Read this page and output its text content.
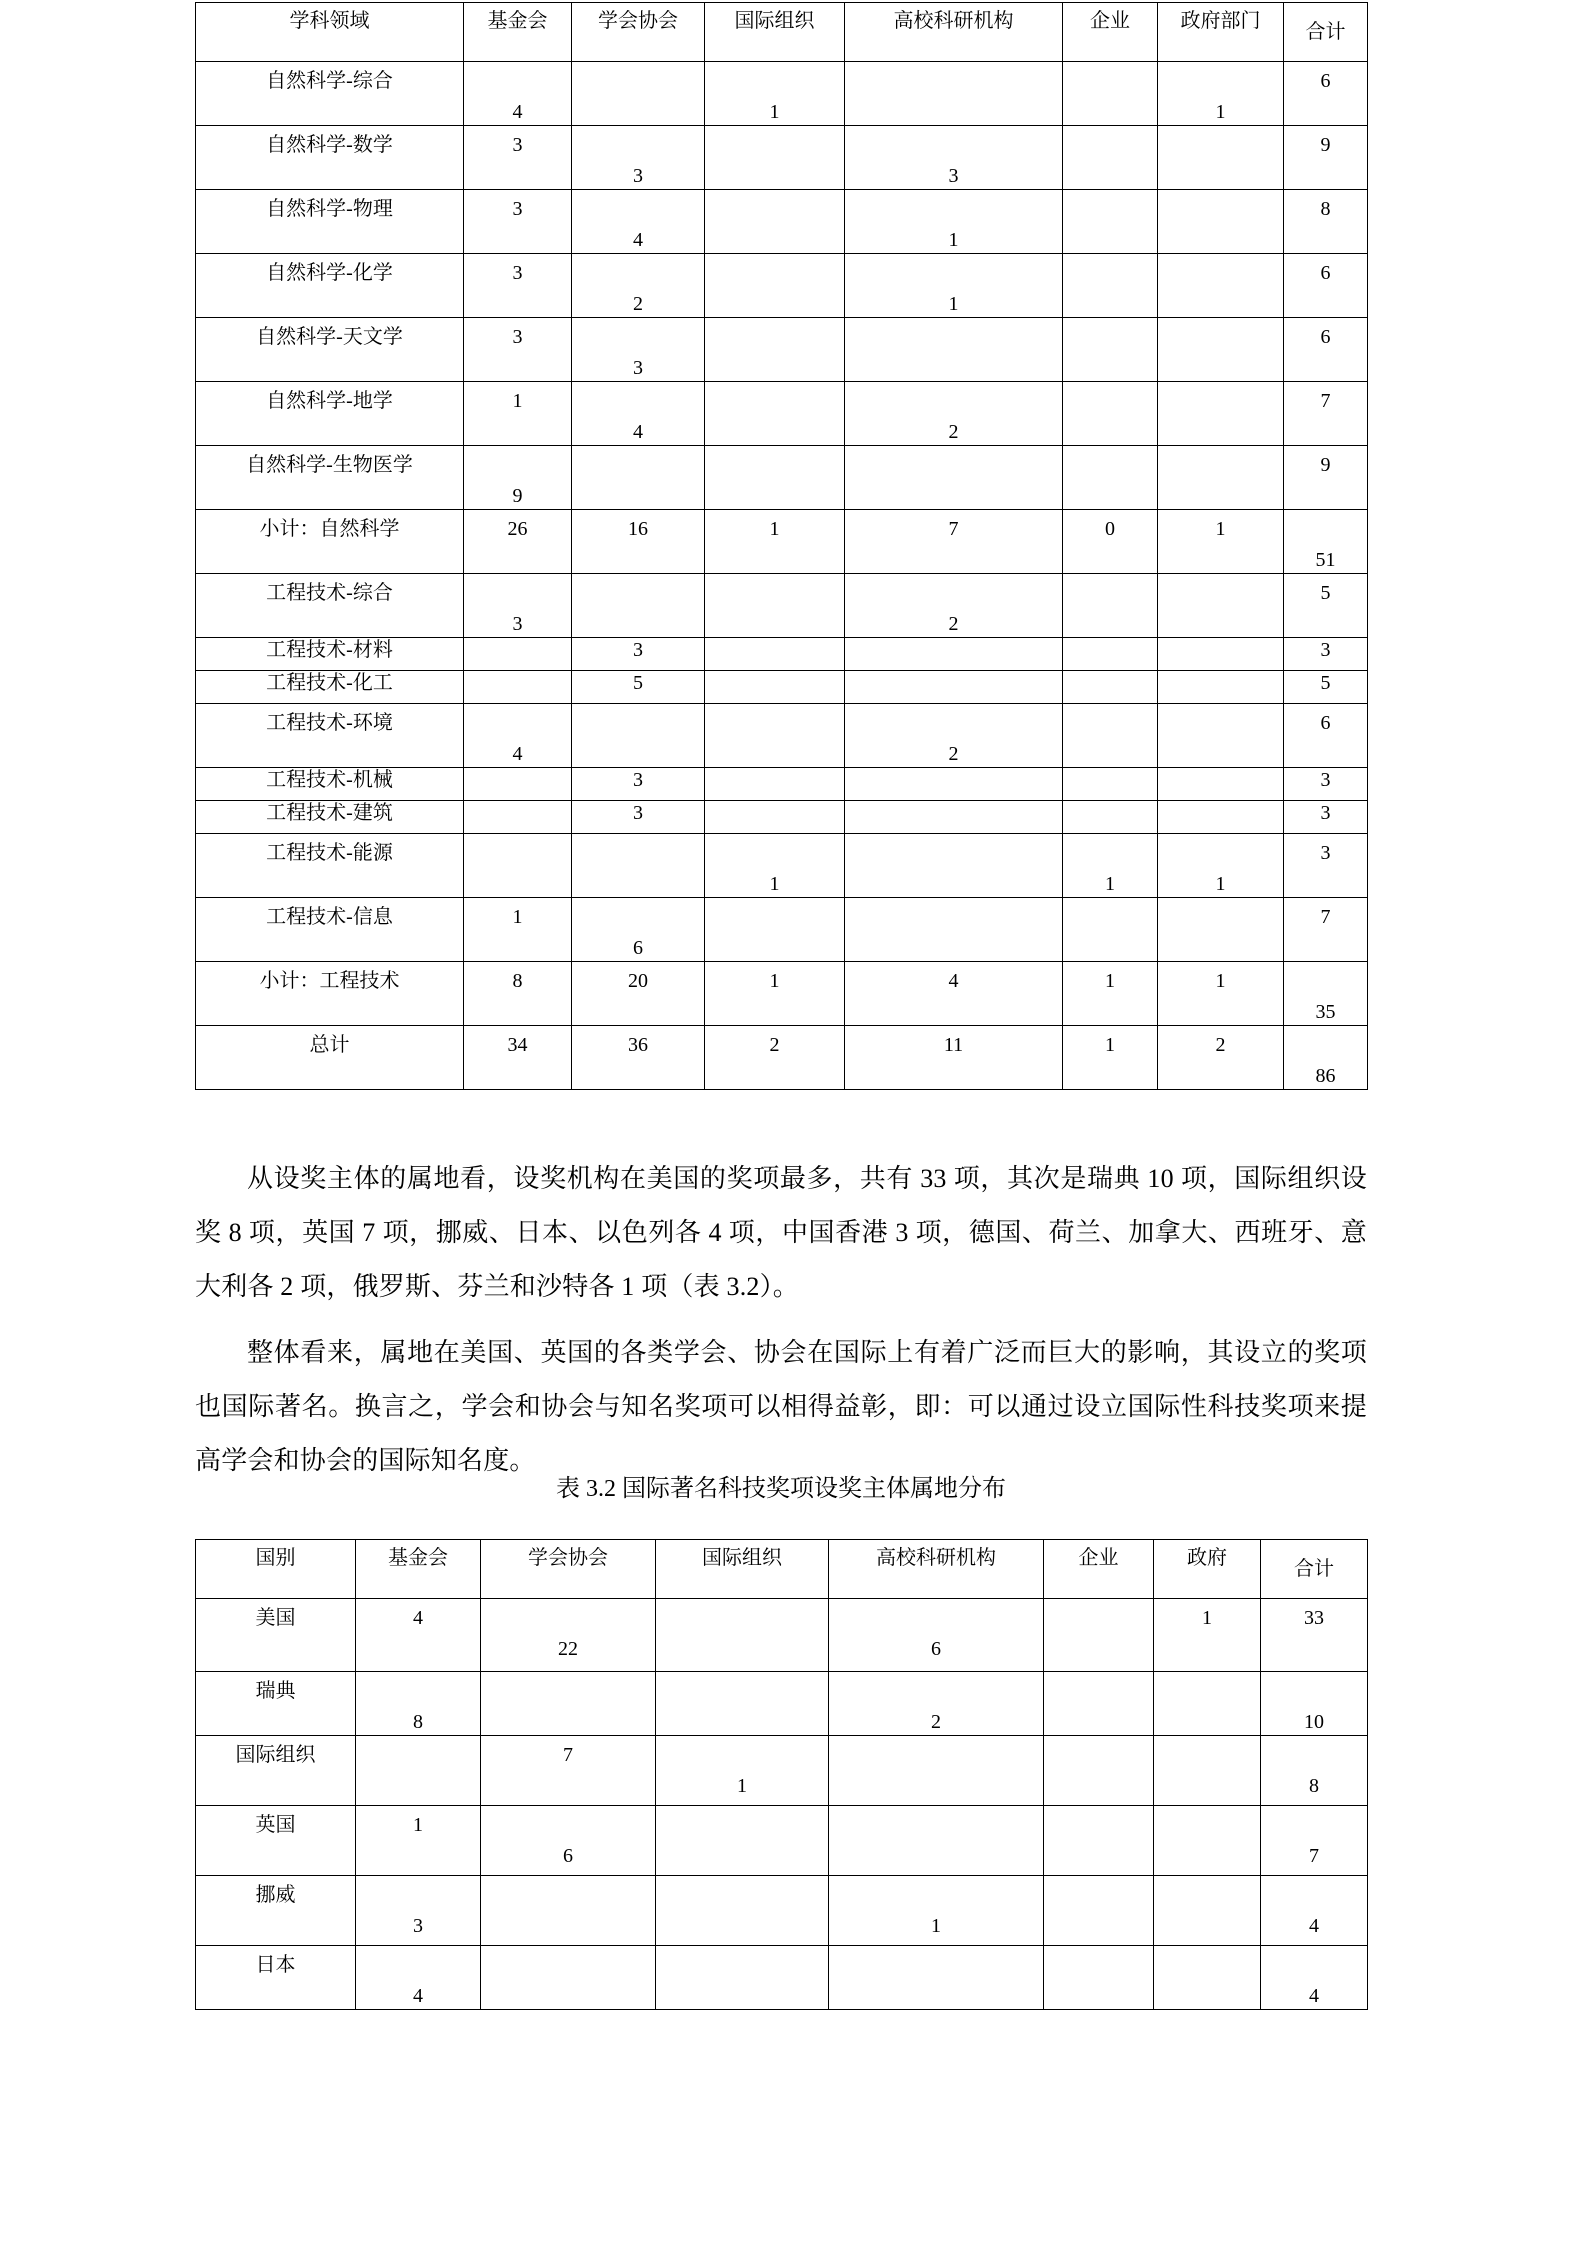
学科领域	基金会	学会协会	国际组织	高校科研机构	企业	政府部门	合计
自然科学-综合	4		1			1	6
自然科学-数学	3	3		3			9
自然科学-物理	3	4		1			8
自然科学-化学	3	2		1			6
自然科学-天文学	3	3					6
自然科学-地学	1	4		2			7
自然科学-生物医学	9						9
小计：自然科学	26	16	1	7	0	1	51
工程技术-综合	3			2			5
工程技术-材料		3					3
工程技术-化工		5					5
工程技术-环境	4			2			6
工程技术-机械		3					3
工程技术-建筑		3					3
工程技术-能源			1		1	1	3
工程技术-信息	1	6					7
小计：工程技术	8	20	1	4	1	1	35
总计	34	36	2	11	1	2	86

从设奖主体的属地看，设奖机构在美国的奖项最多，共有 33 项，其次是瑞典 10 项，国际组织设奖 8 项，英国 7 项，挪威、日本、以色列各 4 项，中国香港 3 项，德国、荷兰、加拿大、西班牙、意大利各 2 项，俄罗斯、芬兰和沙特各 1 项（表 3.2）。

整体看来，属地在美国、英国的各类学会、协会在国际上有着广泛而巨大的影响，其设立的奖项也国际著名。换言之，学会和协会与知名奖项可以相得益彰，即：可以通过设立国际性科技奖项来提高学会和协会的国际知名度。

表 3.2 国际著名科技奖项设奖主体属地分布
国别	基金会	学会协会	国际组织	高校科研机构	企业	政府	合计
美国	4	22		6		1	33
瑞典	8			2			10
国际组织		7	1				8
英国	1	6					7
挪威	3			1			4
日本	4						4
